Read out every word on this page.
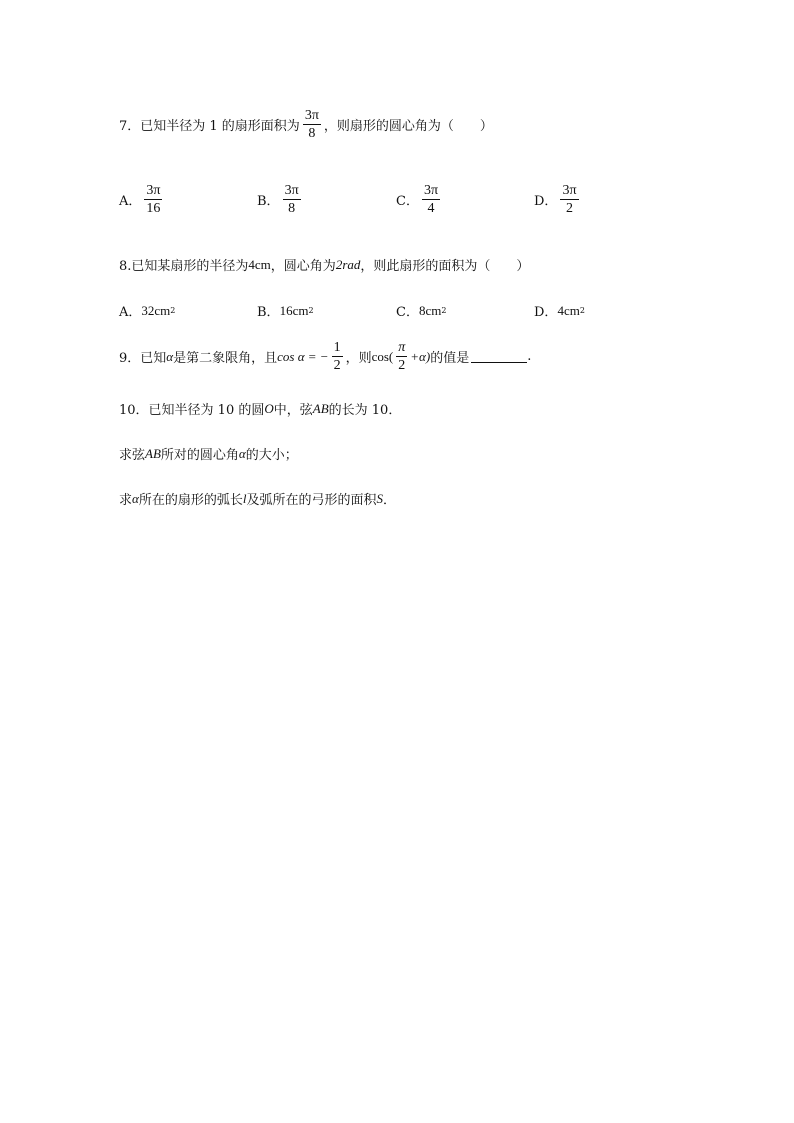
7．已知半径为 1 的扇形面积为 $\frac{3\pi}{8}$ ，则扇形的圆心角为（　　）
A． $\frac{3\pi}{16}$	B． $\frac{3\pi}{8}$	C． $\frac{3\pi}{4}$	D． $\frac{3\pi}{2}$
8.已知某扇形的半径为 4cm ，圆心角为 2rad ，则此扇形的面积为（　　）
A． 32cm 2	B． 16cm 2	C． 8cm 2	D． 4cm 2
9．已知 α 是第二象限角，且 cos α = − $\frac{1}{2}$ ，则 $\cos( \frac{\pi}{2} +\alpha)$ 的值是	.
10．已知半径为 10 的圆 O 中，弦 AB 的长为 10．
求弦 AB 所对的圆心角 α 的大小；
求 α 所在的扇形的弧长 l 及弧所在的弓形的面积 S ．
